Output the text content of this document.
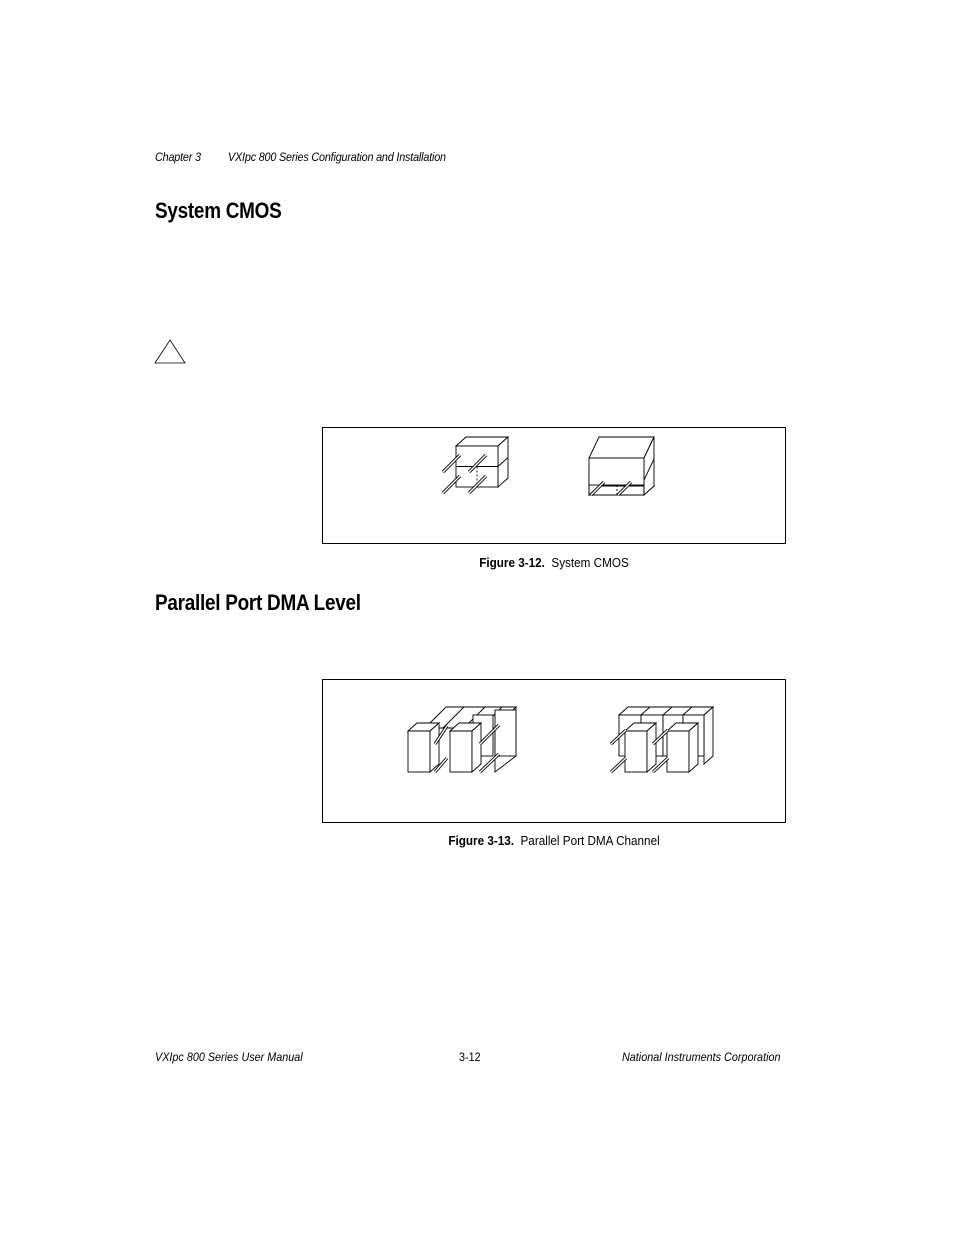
Chapter 3 VXIpc 800 Series Configuration and Installation
System CMOS
Figure 3-12. System CMOS
Parallel Port DMA Level
Figure 3-13. Parallel Port DMA Channel
VXIpc 800 Series User Manual	3-12	National Instruments Corporation
